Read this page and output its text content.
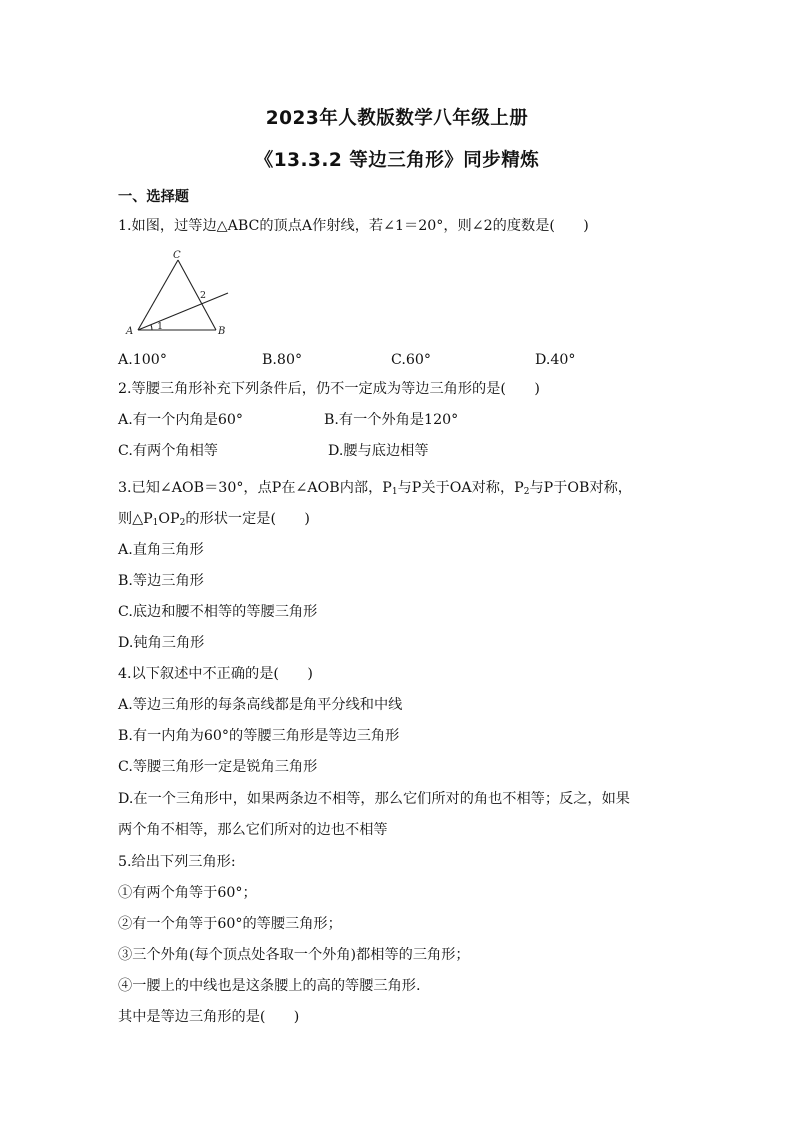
2023年人教版数学八年级上册
《13.3.2 等边三角形》同步精炼
一、选择题
1.如图，过等边△ABC的顶点A作射线，若∠1＝20°，则∠2的度数是(　　)
A	B
C
1
2
A.100°	B.80°	C.60°	D.40°
2.等腰三角形补充下列条件后，仍不一定成为等边三角形的是(　　)
A.有一个内角是60°	B.有一个外角是120°
C.有两个角相等	D.腰与底边相等
3.已知∠AOB＝30°，点P在∠AOB内部，$P_1$与P关于OA对称，$P_2$与P于OB对称，
则$\triangle P_1OP_2$的形状一定是(　　)
A.直角三角形
B.等边三角形
C.底边和腰不相等的等腰三角形
D.钝角三角形
4.以下叙述中不正确的是(　　)
A.等边三角形的每条高线都是角平分线和中线
B.有一内角为60°的等腰三角形是等边三角形
C.等腰三角形一定是锐角三角形
D.在一个三角形中，如果两条边不相等，那么它们所对的角也不相等；反之，如果
两个角不相等，那么它们所对的边也不相等
5.给出下列三角形:
①有两个角等于60°；
②有一个角等于60°的等腰三角形；
③三个外角(每个顶点处各取一个外角)都相等的三角形；
④一腰上的中线也是这条腰上的高的等腰三角形.
其中是等边三角形的是(　　)
